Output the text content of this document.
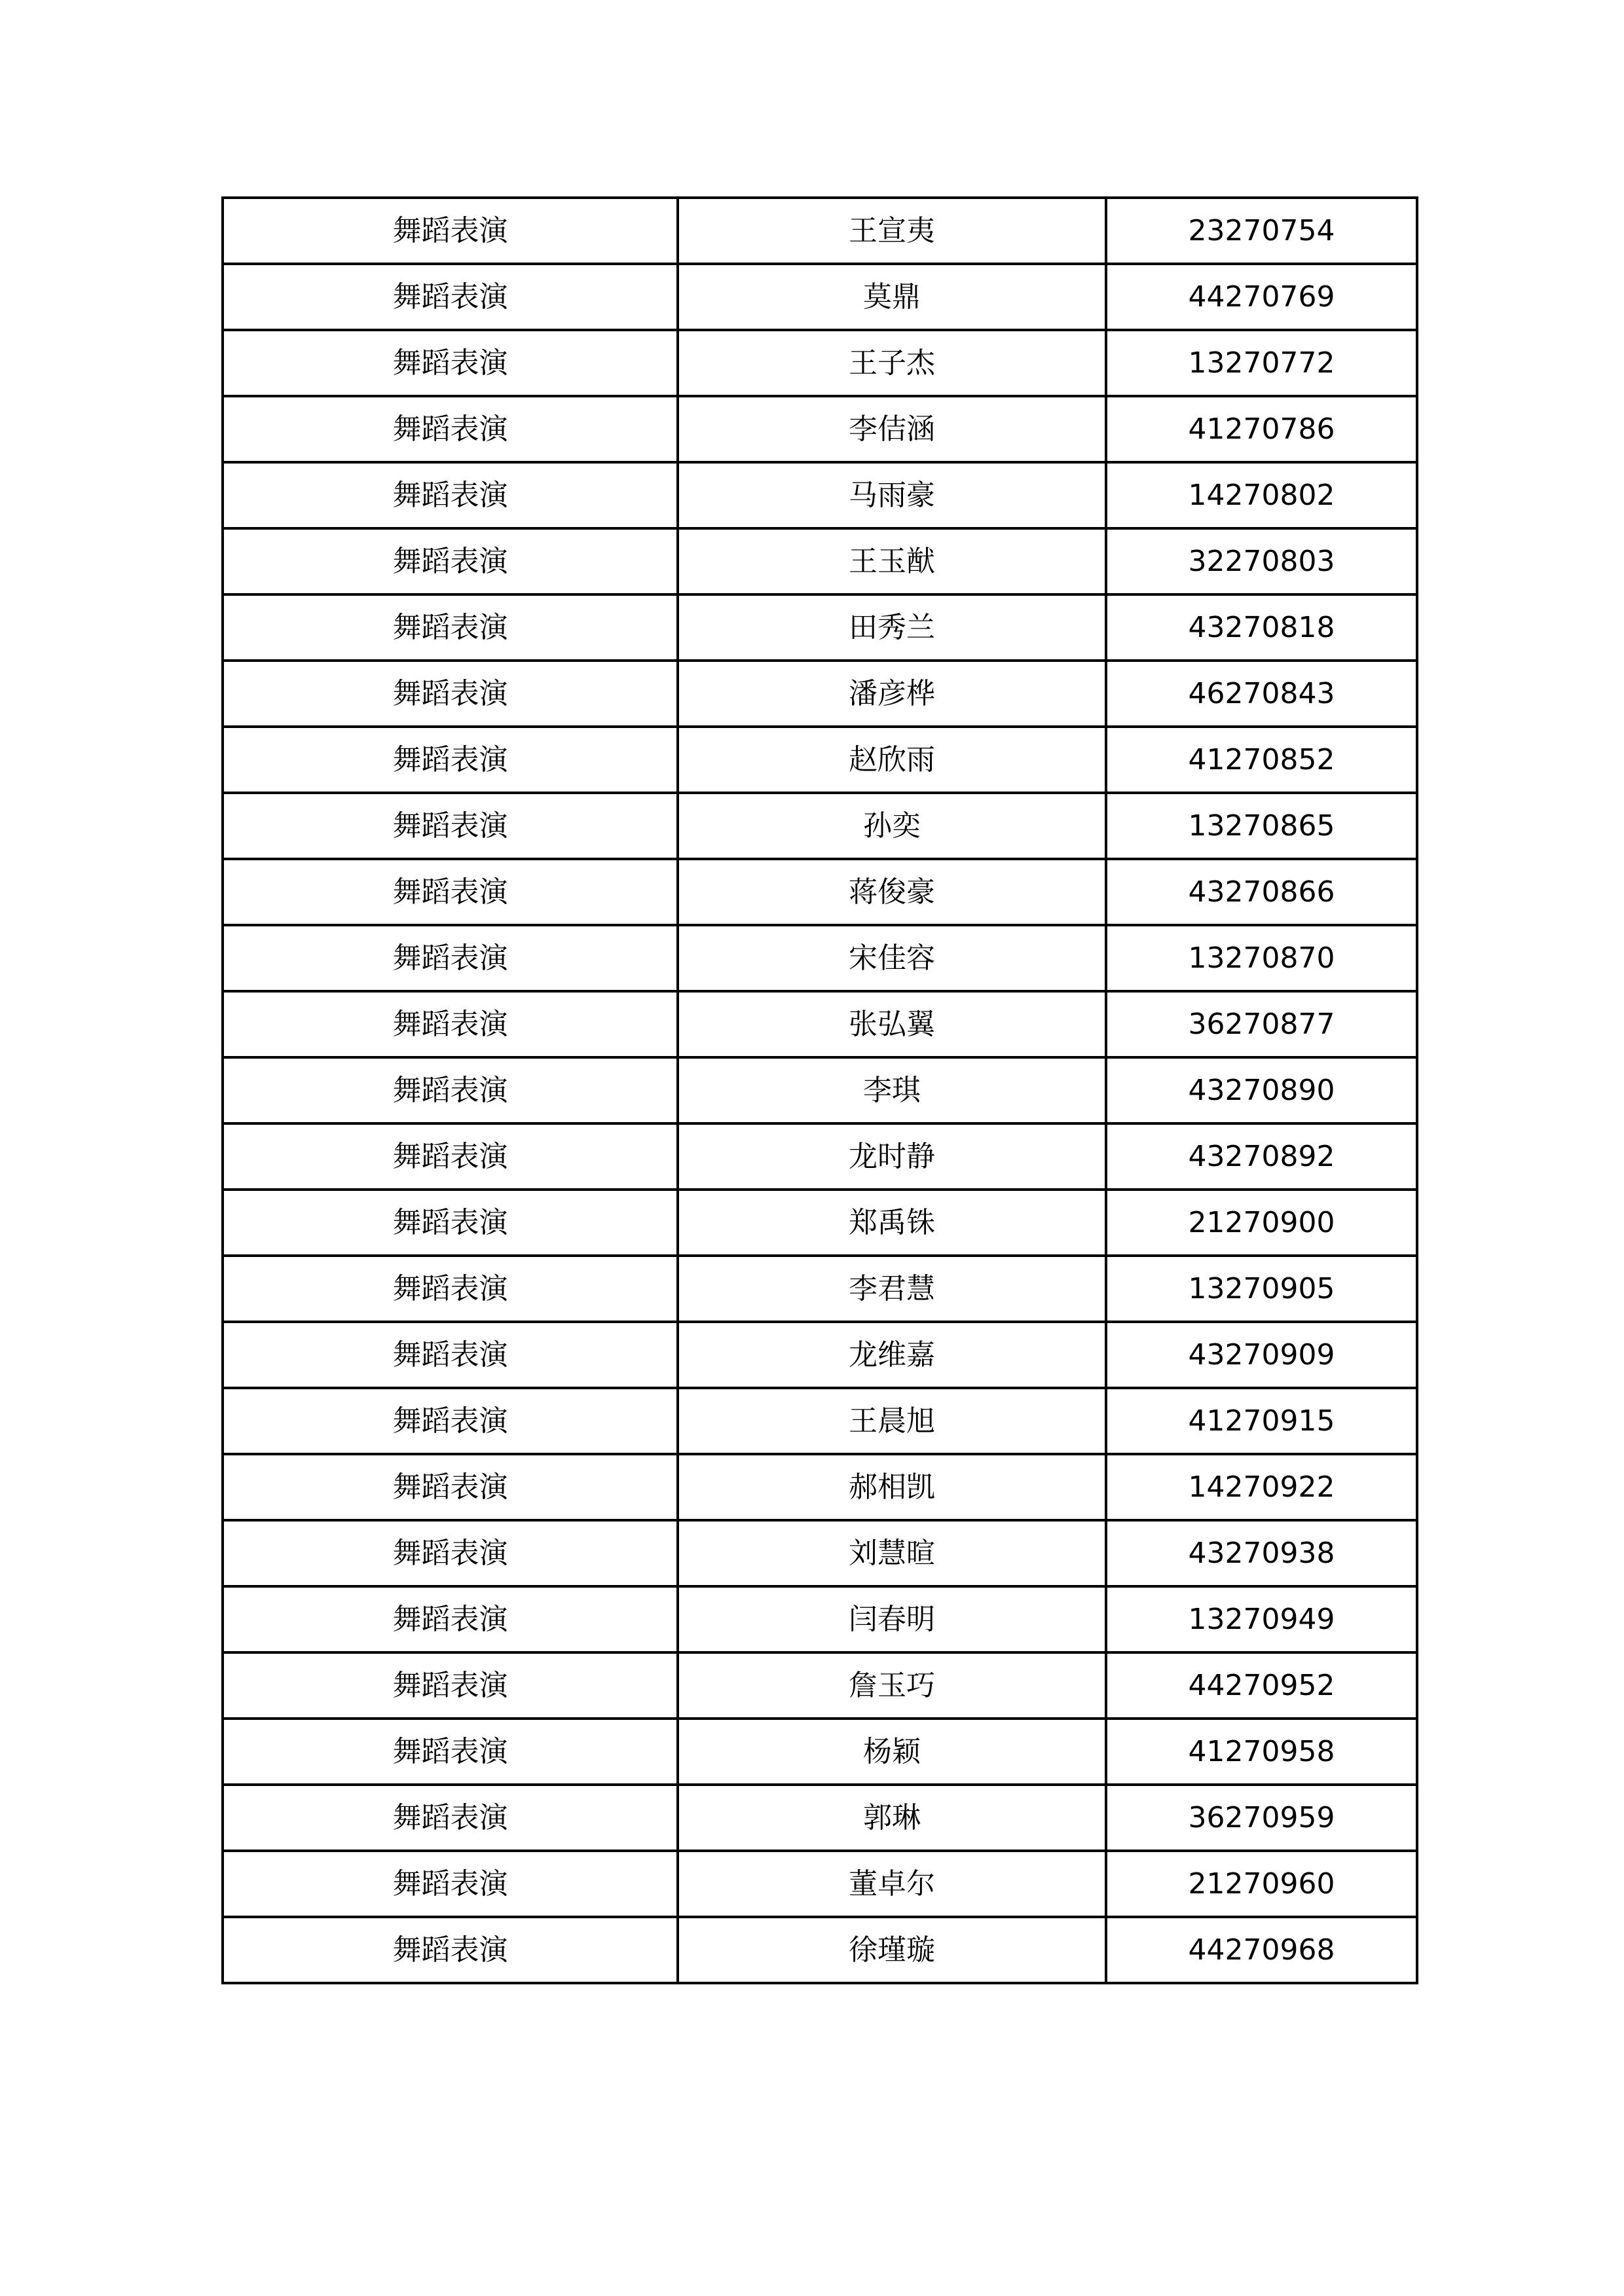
舞蹈表演	王宣夷	23270754
舞蹈表演	莫鼎	44270769
舞蹈表演	王子杰	13270772
舞蹈表演	李佶涵	41270786
舞蹈表演	马雨豪	14270802
舞蹈表演	王玉猷	32270803
舞蹈表演	田秀兰	43270818
舞蹈表演	潘彦桦	46270843
舞蹈表演	赵欣雨	41270852
舞蹈表演	孙奕	13270865
舞蹈表演	蒋俊豪	43270866
舞蹈表演	宋佳容	13270870
舞蹈表演	张弘翼	36270877
舞蹈表演	李琪	43270890
舞蹈表演	龙时静	43270892
舞蹈表演	郑禹铢	21270900
舞蹈表演	李君慧	13270905
舞蹈表演	龙维嘉	43270909
舞蹈表演	王晨旭	41270915
舞蹈表演	郝相凯	14270922
舞蹈表演	刘慧暄	43270938
舞蹈表演	闫春明	13270949
舞蹈表演	詹玉巧	44270952
舞蹈表演	杨颖	41270958
舞蹈表演	郭琳	36270959
舞蹈表演	董卓尔	21270960
舞蹈表演	徐瑾璇	44270968
